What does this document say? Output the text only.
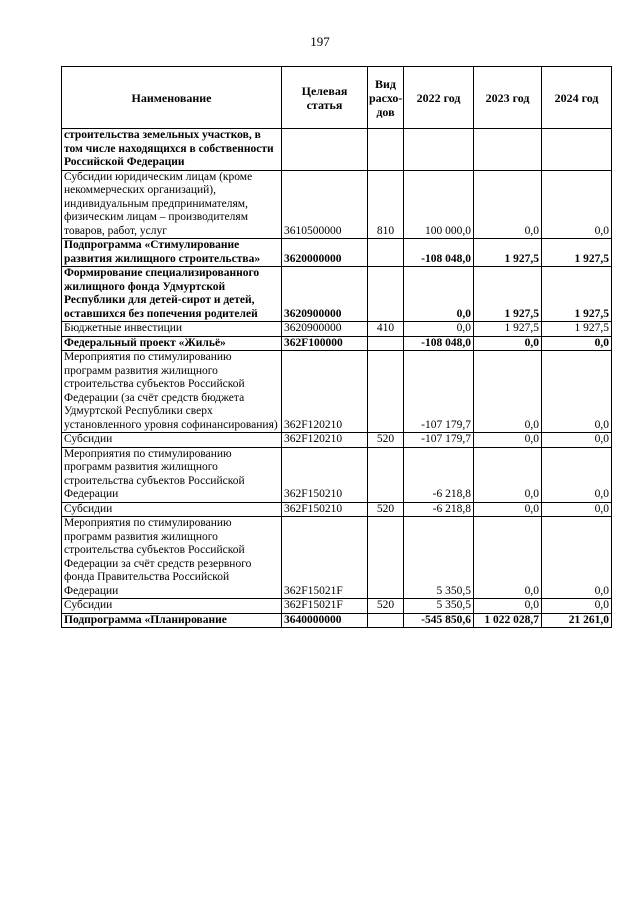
197
Наименование	Целевая статья	Вид расхо-дов	2022 год	2023 год	2024 год
строительства земельных участков, в том числе находящихся в собственности Российской Федерации					
Субсидии юридическим лицам (кроме некоммерческих организаций), индивидуальным предпринимателям, физическим лицам – производителям товаров, работ, услуг	3610500000	810	100 000,0	0,0	0,0
Подпрограмма «Стимулирование развития жилищного строительства»	3620000000		-108 048,0	1 927,5	1 927,5
Формирование специализированного жилищного фонда Удмуртской Республики для детей-сирот и детей, оставшихся без попечения родителей	3620900000		0,0	1 927,5	1 927,5
Бюджетные инвестиции	3620900000	410	0,0	1 927,5	1 927,5
Федеральный проект «Жильё»	362F100000		-108 048,0	0,0	0,0
Мероприятия по стимулированию программ развития жилищного строительства субъектов Российской Федерации (за счёт средств бюджета Удмуртской Республики сверх установленного уровня софинансирования)	362F120210		-107 179,7	0,0	0,0
Субсидии	362F120210	520	-107 179,7	0,0	0,0
Мероприятия по стимулированию программ развития жилищного строительства субъектов Российской Федерации	362F150210		-6 218,8	0,0	0,0
Субсидии	362F150210	520	-6 218,8	0,0	0,0
Мероприятия по стимулированию программ развития жилищного строительства субъектов Российской Федерации за счёт средств резервного фонда Правительства Российской Федерации	362F15021F		5 350,5	0,0	0,0
Субсидии	362F15021F	520	5 350,5	0,0	0,0
Подпрограмма «Планирование	3640000000		-545 850,6	1 022 028,7	21 261,0
